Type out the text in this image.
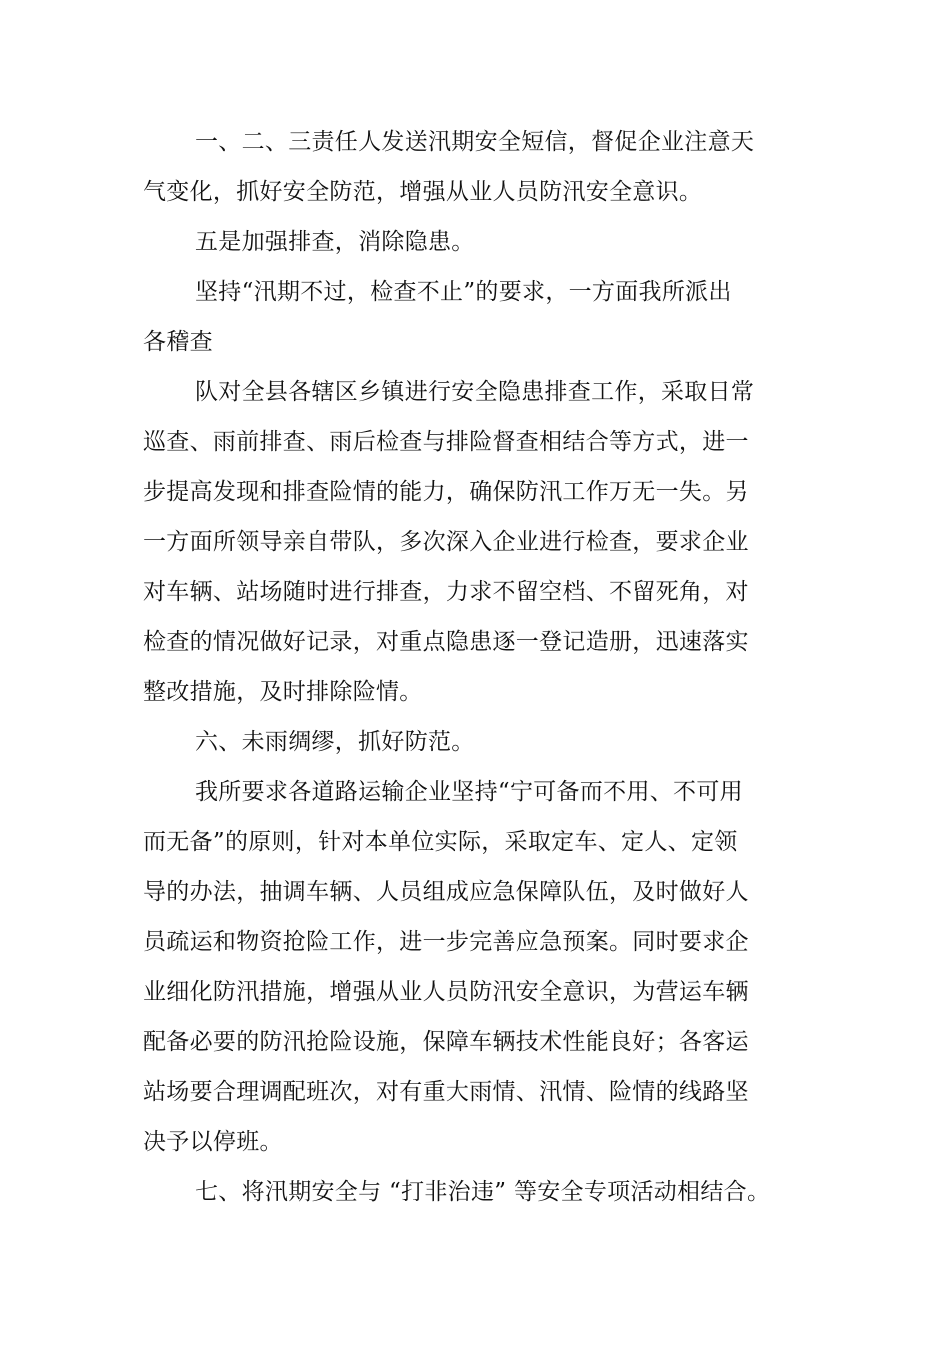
一、二、三责任人发送汛期安全短信，督促企业注意天
气变化，抓好安全防范，增强从业人员防汛安全意识。
五是加强排查，消除隐患。
坚持“汛期不过，检查不止”的要求，一方面我所派出
各稽查
队对全县各辖区乡镇进行安全隐患排查工作，采取日常
巡查、雨前排查、雨后检查与排险督查相结合等方式，进一
步提高发现和排查险情的能力，确保防汛工作万无一失。另
一方面所领导亲自带队，多次深入企业进行检查，要求企业
对车辆、站场随时进行排查，力求不留空档、不留死角，对
检查的情况做好记录，对重点隐患逐一登记造册，迅速落实
整改措施，及时排除险情。
六、未雨绸缪，抓好防范。
我所要求各道路运输企业坚持“宁可备而不用、不可用
而无备”的原则，针对本单位实际，采取定车、定人、定领
导的办法，抽调车辆、人员组成应急保障队伍，及时做好人
员疏运和物资抢险工作，进一步完善应急预案。同时要求企
业细化防汛措施，增强从业人员防汛安全意识，为营运车辆
配备必要的防汛抢险设施，保障车辆技术性能良好；各客运
站场要合理调配班次，对有重大雨情、汛情、险情的线路坚
决予以停班。
七、将汛期安全与 “打非治违” 等安全专项活动相结合。
